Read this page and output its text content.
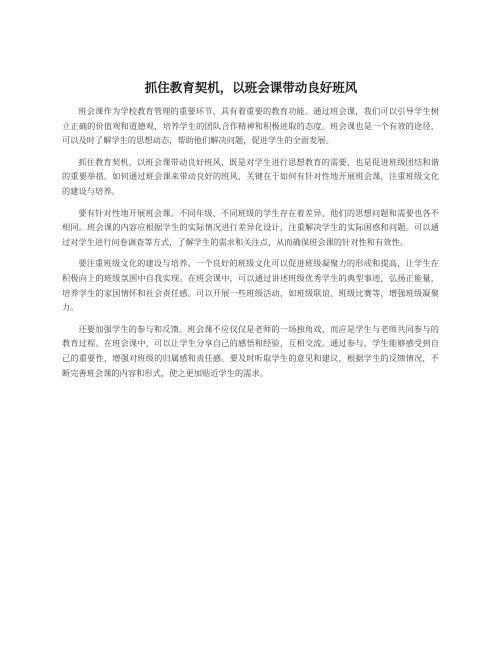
抓住教育契机，以班会课带动良好班风

班会课作为学校教育管理的重要环节，具有着重要的教育功能。通过班会课，我们可以引导学生树立正确的价值观和道德观，培养学生的团队合作精神和积极进取的态度。班会课也是一个有效的途径，可以及时了解学生的思想动态，帮助他们解决问题，促进学生的全面发展。

抓住教育契机，以班会课带动良好班风，既是对学生进行思想教育的需要，也是促进班级团结和谐的重要举措。如何通过班会课来带动良好的班风，关键在于如何有针对性地开展班会课，注重班级文化的建设与培养。

要有针对性地开展班会课。不同年级、不同班级的学生存在着差异，他们的思想问题和需要也各不相同。班会课的内容应根据学生的实际情况进行差异化设计，注重解决学生的实际困惑和问题。可以通过对学生进行问卷调查等方式，了解学生的需求和关注点，从而确保班会课的针对性和有效性。

要注重班级文化的建设与培养。一个良好的班级文化可以促进班级凝聚力的形成和提高，让学生在积极向上的班级氛围中自我实现。在班会课中，可以通过讲述班级优秀学生的典型事迹，弘扬正能量，培养学生的家国情怀和社会责任感。可以开展一些班级活动，如班级联谊、班级比赛等，增强班级凝聚力。

还要加强学生的参与和反馈。班会课不应仅仅是老师的一场独角戏，而应是学生与老师共同参与的教育过程。在班会课中，可以让学生分享自己的感悟和经验，互相交流。通过参与，学生能够感受到自己的重要性，增强对班级的归属感和责任感。要及时听取学生的意见和建议，根据学生的反馈情况，不断完善班会课的内容和形式，使之更加贴近学生的需求。
